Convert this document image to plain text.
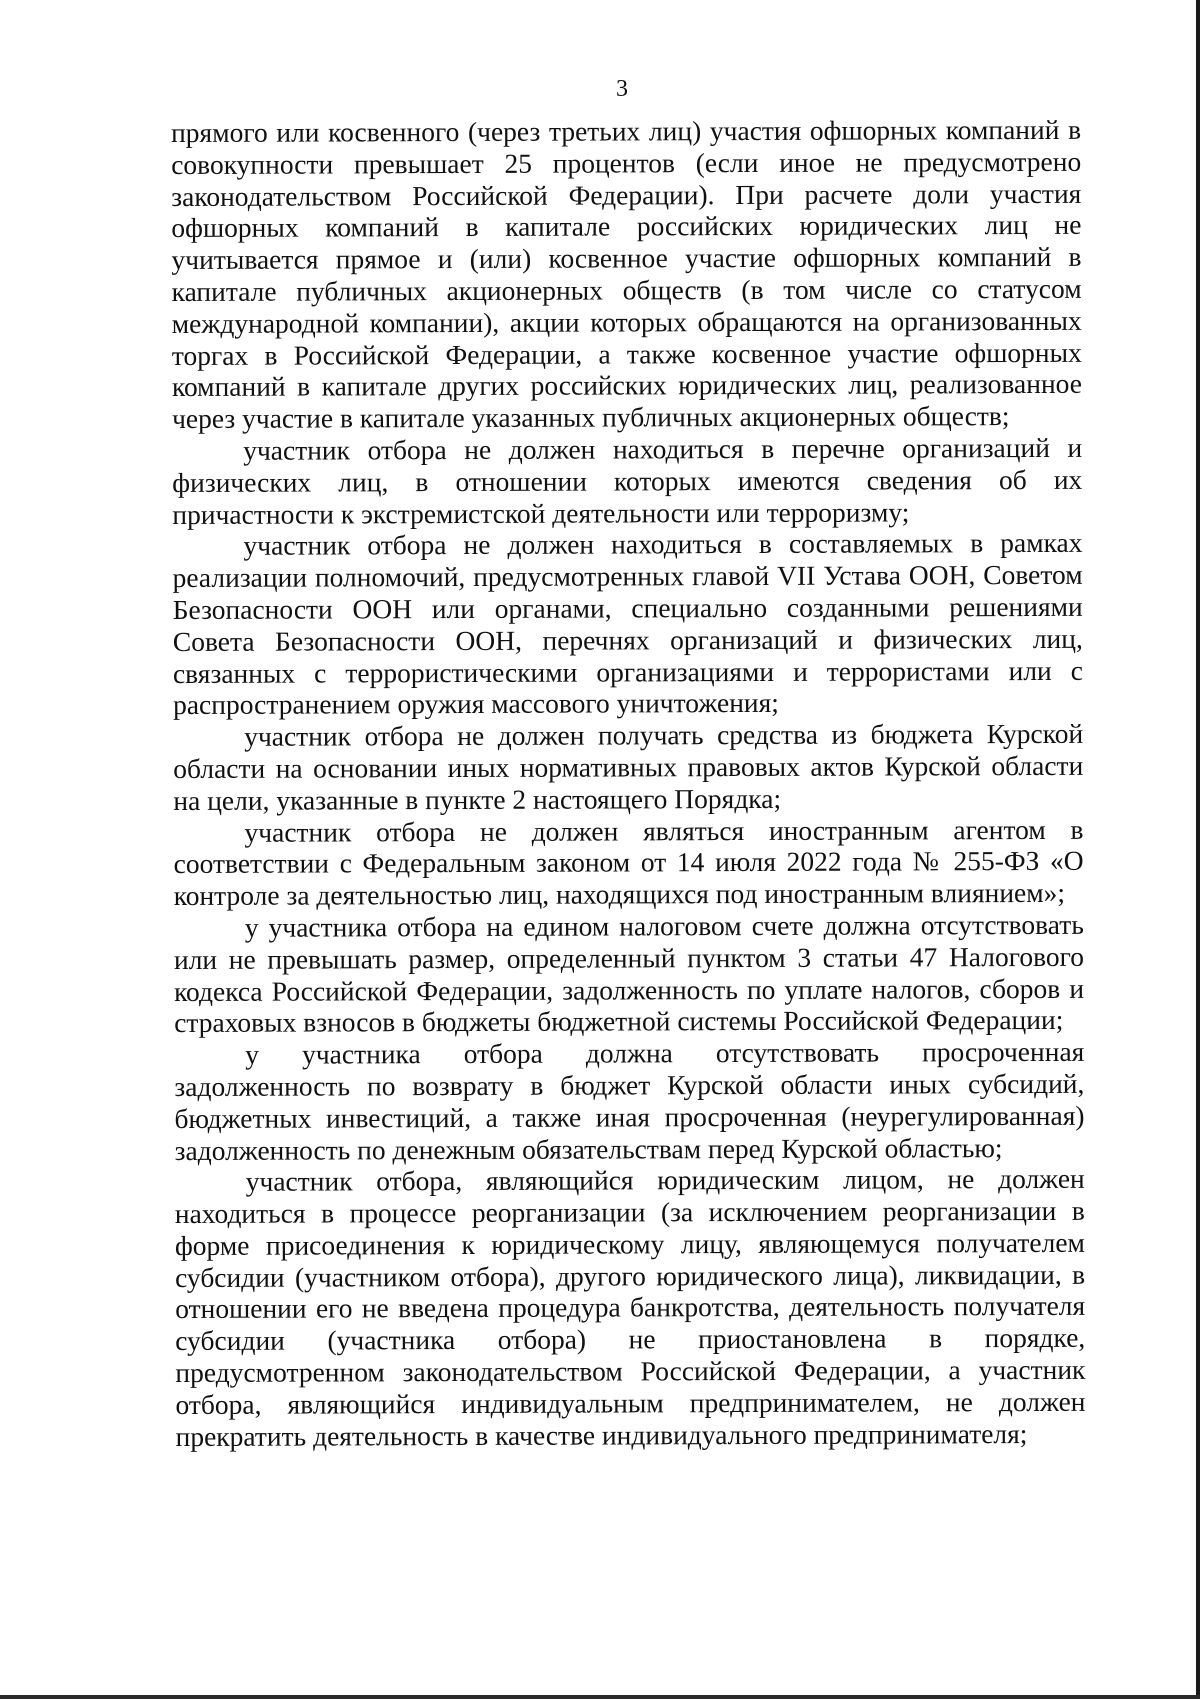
3

прямого или косвенного (через третьих лиц) участия офшорных компаний в совокупности превышает 25 процентов (если иное не предусмотрено законодательством Российской Федерации). При расчете доли участия офшорных компаний в капитале российских юридических лиц не учитывается прямое и (или) косвенное участие офшорных компаний в капитале публичных акционерных обществ (в том числе со статусом международной компании), акции которых обращаются на организованных торгах в Российской Федерации, а также косвенное участие офшорных компаний в капитале других российских юридических лиц, реализованное через участие в капитале указанных публичных акционерных обществ;

участник отбора не должен находиться в перечне организаций и физических лиц, в отношении которых имеются сведения об их причастности к экстремистской деятельности или терроризму;

участник отбора не должен находиться в составляемых в рамках реализации полномочий, предусмотренных главой VII Устава ООН, Советом Безопасности ООН или органами, специально созданными решениями Совета Безопасности ООН, перечнях организаций и физических лиц, связанных с террористическими организациями и террористами или с распространением оружия массового уничтожения;

участник отбора не должен получать средства из бюджета Курской области на основании иных нормативных правовых актов Курской области на цели, указанные в пункте 2 настоящего Порядка;

участник отбора не должен являться иностранным агентом в соответствии с Федеральным законом от 14 июля 2022 года № 255-ФЗ «О контроле за деятельностью лиц, находящихся под иностранным влиянием»;

у участника отбора на едином налоговом счете должна отсутствовать или не превышать размер, определенный пунктом 3 статьи 47 Налогового кодекса Российской Федерации, задолженность по уплате налогов, сборов и страховых взносов в бюджеты бюджетной системы Российской Федерации;

у участника отбора должна отсутствовать просроченная задолженность по возврату в бюджет Курской области иных субсидий, бюджетных инвестиций, а также иная просроченная (неурегулированная) задолженность по денежным обязательствам перед Курской областью;

участник отбора, являющийся юридическим лицом, не должен находиться в процессе реорганизации (за исключением реорганизации в форме присоединения к юридическому лицу, являющемуся получателем субсидии (участником отбора), другого юридического лица), ликвидации, в отношении его не введена процедура банкротства, деятельность получателя субсидии (участника отбора) не приостановлена в порядке, предусмотренном законодательством Российской Федерации, а участник отбора, являющийся индивидуальным предпринимателем, не должен прекратить деятельность в качестве индивидуального предпринимателя;
